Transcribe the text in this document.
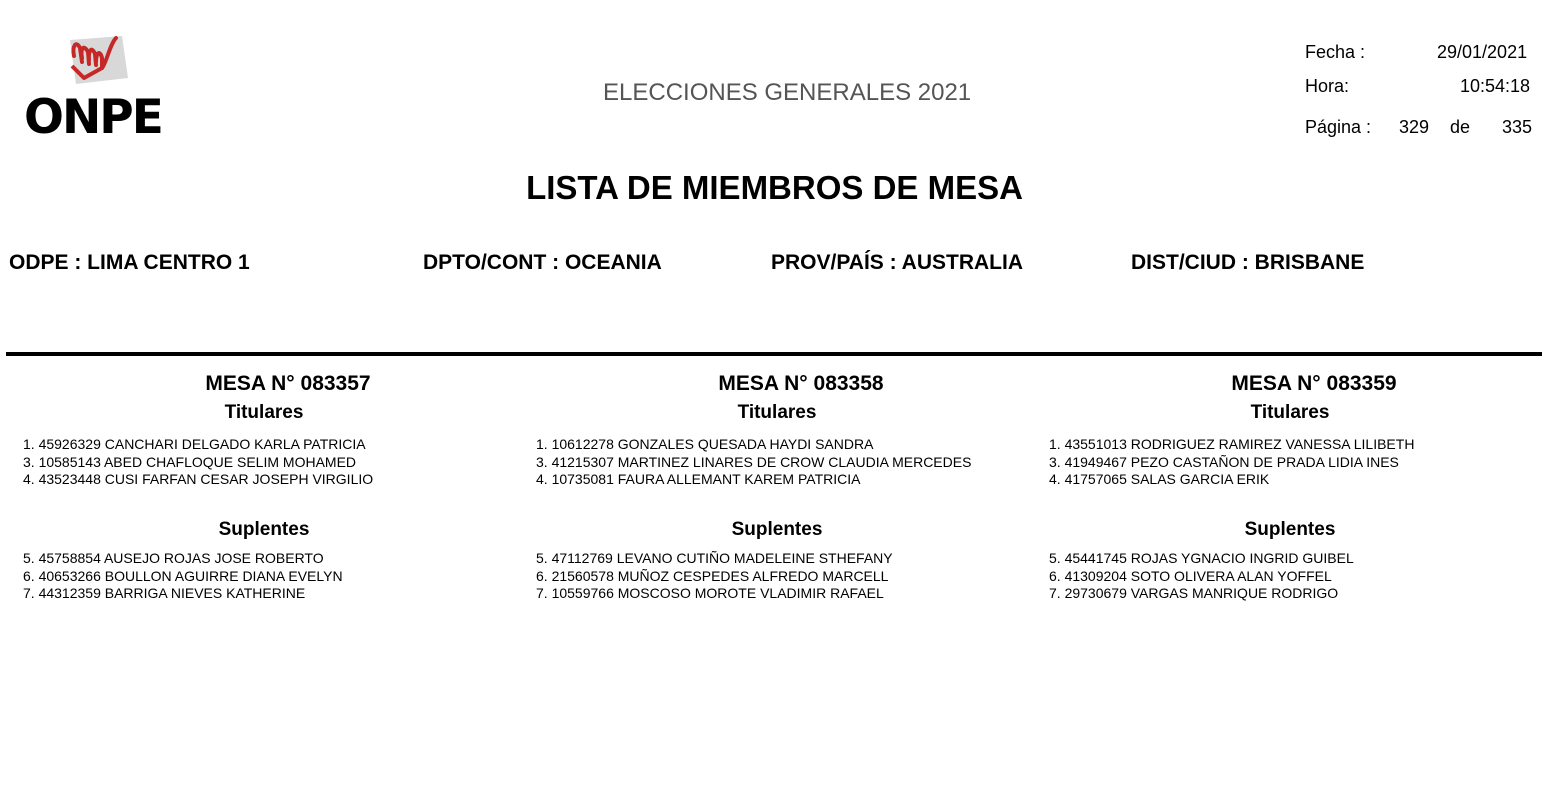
ONPE	ELECCIONES GENERALES 2021
Fecha :	29/01/2021
Hora:	10:54:18
Página : 329 de 335
LISTA DE MIEMBROS DE MESA
ODPE : LIMA CENTRO 1	DPTO/CONT : OCEANIA	PROV/PAÍS : AUSTRALIA	DIST/CIUD : BRISBANE
MESA N° 083357
Titulares
1. 45926329 CANCHARI DELGADO KARLA PATRICIA
3. 10585143 ABED CHAFLOQUE SELIM MOHAMED
4. 43523448 CUSI FARFAN CESAR JOSEPH VIRGILIO
Suplentes
5. 45758854 AUSEJO ROJAS JOSE ROBERTO
6. 40653266 BOULLON AGUIRRE DIANA EVELYN
7. 44312359 BARRIGA NIEVES KATHERINE
MESA N° 083358
Titulares
1. 10612278 GONZALES QUESADA HAYDI SANDRA
3. 41215307 MARTINEZ LINARES DE CROW CLAUDIA MERCEDES
4. 10735081 FAURA ALLEMANT KAREM PATRICIA
Suplentes
5. 47112769 LEVANO CUTIÑO MADELEINE STHEFANY
6. 21560578 MUÑOZ CESPEDES ALFREDO MARCELL
7. 10559766 MOSCOSO MOROTE VLADIMIR RAFAEL
MESA N° 083359
Titulares
1. 43551013 RODRIGUEZ RAMIREZ VANESSA LILIBETH
3. 41949467 PEZO CASTAÑON DE PRADA LIDIA INES
4. 41757065 SALAS GARCIA ERIK
Suplentes
5. 45441745 ROJAS YGNACIO INGRID GUIBEL
6. 41309204 SOTO OLIVERA ALAN YOFFEL
7. 29730679 VARGAS MANRIQUE RODRIGO
